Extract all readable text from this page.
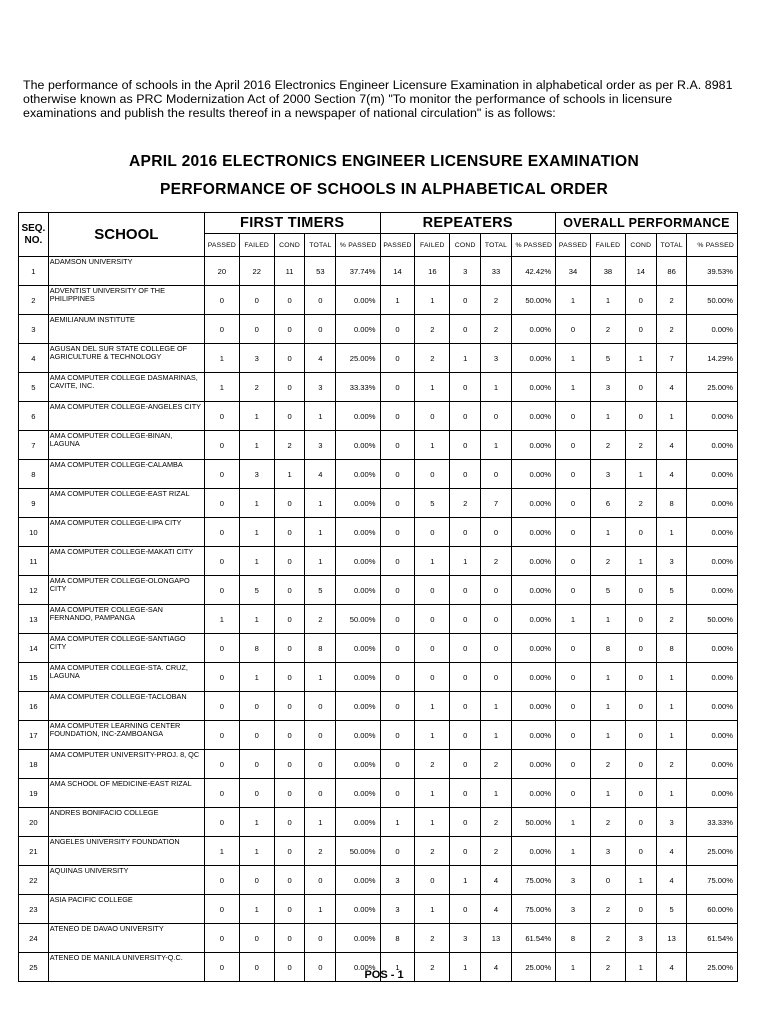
The performance of schools in the April 2016 Electronics Engineer Licensure Examination in alphabetical order as per R.A. 8981 otherwise known as PRC Modernization Act of 2000 Section 7(m) "To monitor the performance of schools in licensure examinations and publish the results thereof in a newspaper of national circulation" is as follows:
APRIL 2016 ELECTRONICS ENGINEER LICENSURE EXAMINATION
PERFORMANCE OF SCHOOLS IN ALPHABETICAL ORDER
SEQ. NO.	SCHOOL	FIRST TIMERS					REPEATERS					OVERALL PERFORMANCE				
		PASSED	FAILED	COND	TOTAL	% PASSED	PASSED	FAILED	COND	TOTAL	% PASSED	PASSED	FAILED	COND	TOTAL	% PASSED
1	ADAMSON UNIVERSITY	20	22	11	53	37.74%	14	16	3	33	42.42%	34	38	14	86	39.53%
2	ADVENTIST UNIVERSITY OF THE PHILIPPINES	0	0	0	0	0.00%	1	1	0	2	50.00%	1	1	0	2	50.00%
3	AEMILIANUM INSTITUTE	0	0	0	0	0.00%	0	2	0	2	0.00%	0	2	0	2	0.00%
4	AGUSAN DEL SUR STATE COLLEGE OF AGRICULTURE & TECHNOLOGY	1	3	0	4	25.00%	0	2	1	3	0.00%	1	5	1	7	14.29%
5	AMA COMPUTER COLLEGE DASMARINAS, CAVITE, INC.	1	2	0	3	33.33%	0	1	0	1	0.00%	1	3	0	4	25.00%
6	AMA COMPUTER COLLEGE-ANGELES CITY	0	1	0	1	0.00%	0	0	0	0	0.00%	0	1	0	1	0.00%
7	AMA COMPUTER COLLEGE-BINAN, LAGUNA	0	1	2	3	0.00%	0	1	0	1	0.00%	0	2	2	4	0.00%
8	AMA COMPUTER COLLEGE-CALAMBA	0	3	1	4	0.00%	0	0	0	0	0.00%	0	3	1	4	0.00%
9	AMA COMPUTER COLLEGE-EAST RIZAL	0	1	0	1	0.00%	0	5	2	7	0.00%	0	6	2	8	0.00%
10	AMA COMPUTER COLLEGE-LIPA CITY	0	1	0	1	0.00%	0	0	0	0	0.00%	0	1	0	1	0.00%
11	AMA COMPUTER COLLEGE-MAKATI CITY	0	1	0	1	0.00%	0	1	1	2	0.00%	0	2	1	3	0.00%
12	AMA COMPUTER COLLEGE-OLONGAPO CITY	0	5	0	5	0.00%	0	0	0	0	0.00%	0	5	0	5	0.00%
13	AMA COMPUTER COLLEGE-SAN FERNANDO, PAMPANGA	1	1	0	2	50.00%	0	0	0	0	0.00%	1	1	0	2	50.00%
14	AMA COMPUTER COLLEGE-SANTIAGO CITY	0	8	0	8	0.00%	0	0	0	0	0.00%	0	8	0	8	0.00%
15	AMA COMPUTER COLLEGE-STA. CRUZ, LAGUNA	0	1	0	1	0.00%	0	0	0	0	0.00%	0	1	0	1	0.00%
16	AMA COMPUTER COLLEGE-TACLOBAN	0	0	0	0	0.00%	0	1	0	1	0.00%	0	1	0	1	0.00%
17	AMA COMPUTER LEARNING CENTER FOUNDATION, INC-ZAMBOANGA	0	0	0	0	0.00%	0	1	0	1	0.00%	0	1	0	1	0.00%
18	AMA COMPUTER UNIVERSITY-PROJ. 8, QC	0	0	0	0	0.00%	0	2	0	2	0.00%	0	2	0	2	0.00%
19	AMA SCHOOL OF MEDICINE-EAST RIZAL	0	0	0	0	0.00%	0	1	0	1	0.00%	0	1	0	1	0.00%
20	ANDRES BONIFACIO COLLEGE	0	1	0	1	0.00%	1	1	0	2	50.00%	1	2	0	3	33.33%
21	ANGELES UNIVERSITY FOUNDATION	1	1	0	2	50.00%	0	2	0	2	0.00%	1	3	0	4	25.00%
22	AQUINAS UNIVERSITY	0	0	0	0	0.00%	3	0	1	4	75.00%	3	0	1	4	75.00%
23	ASIA PACIFIC COLLEGE	0	1	0	1	0.00%	3	1	0	4	75.00%	3	2	0	5	60.00%
24	ATENEO DE DAVAO UNIVERSITY	0	0	0	0	0.00%	8	2	3	13	61.54%	8	2	3	13	61.54%
25	ATENEO DE MANILA UNIVERSITY-Q.C.	0	0	0	0	0.00%	1	2	1	4	25.00%	1	2	1	4	25.00%
POS - 1
